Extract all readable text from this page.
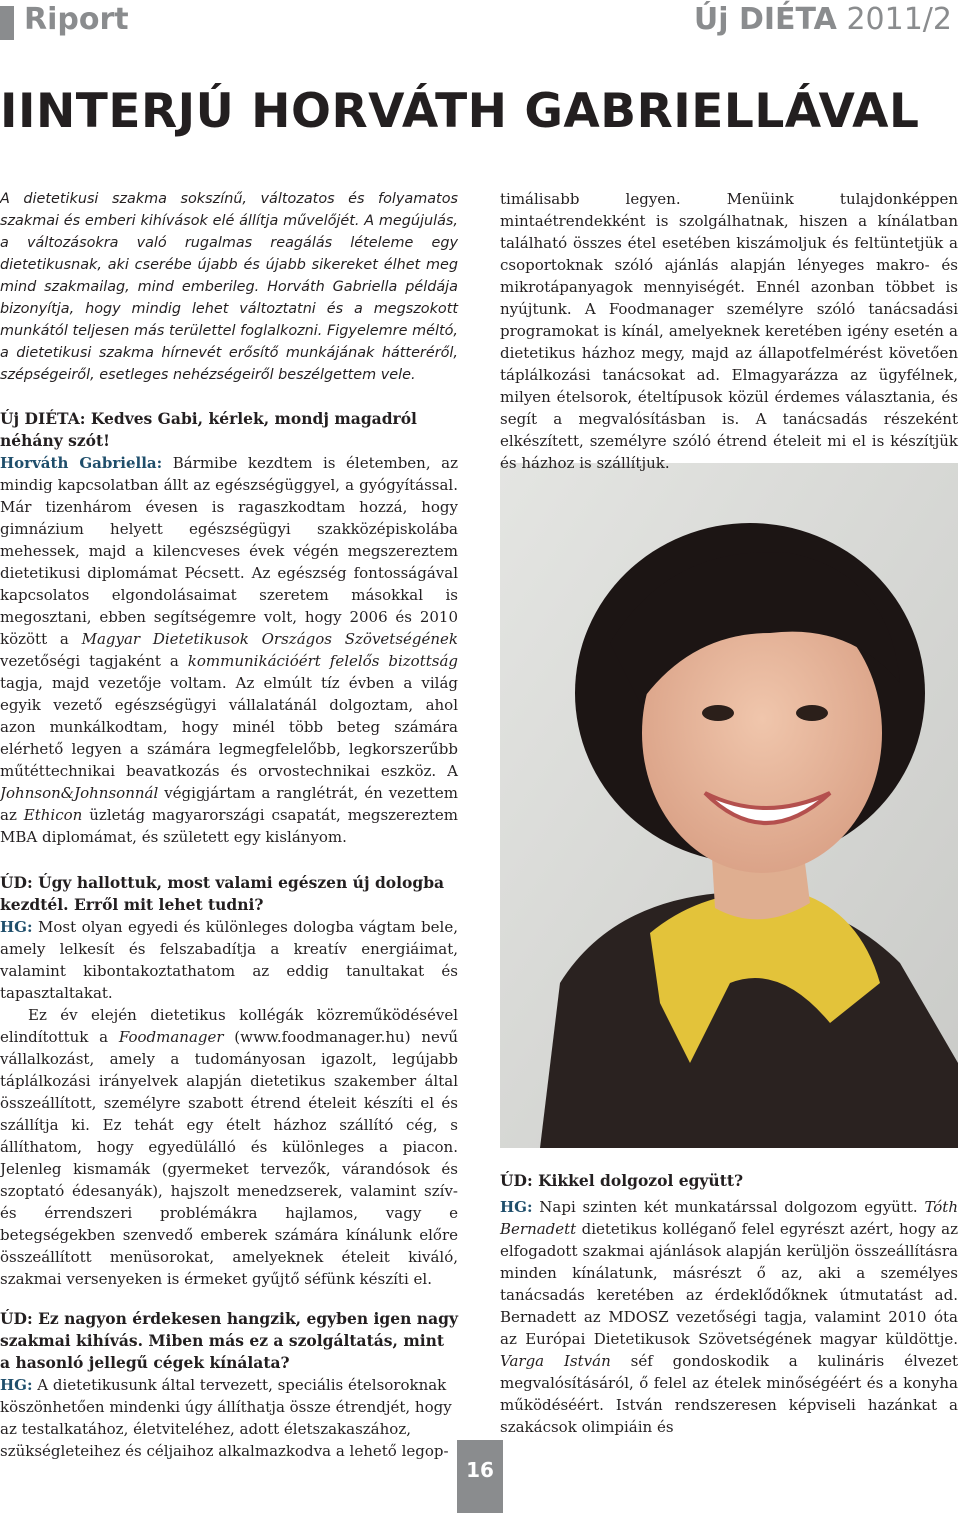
Riport	Új DIÉTA 2011/2
IINTERJÚ HORVÁTH GABRIELLÁVAL

A dietetikusi szakma sokszínű, változatos és folyamatos szakmai és emberi kihívások elé állítja művelőjét. A megújulás, a változásokra való rugalmas reagálás lételeme egy dietetikusnak, aki cserébe újabb és újabb sikereket élhet meg mind szakmailag, mind emberileg. Horváth Gabriella példája bizonyítja, hogy mindig lehet változtatni és a megszokott munkától teljesen más területtel foglalkozni. Figyelemre méltó, a dietetikusi szakma hírnevét erősítő munkájának hátteréről, szépségeiről, esetleges nehézségeiről beszélgettem vele.

Új DIÉTA: Kedves Gabi, kérlek, mondj magadról néhány szót!

Horváth Gabriella: Bármibe kezdtem is életemben, az mindig kapcsolatban állt az egészségüggyel, a gyógyítással. Már tizenhárom évesen is ragaszkodtam hozzá, hogy gimnázium helyett egészségügyi szakközépiskolába mehessek, majd a kilencveses évek végén megszereztem dietetikusi diplomámat Pécsett. Az egészség fontosságával kapcsolatos elgondolásaimat szeretem másokkal is megosztani, ebben segítségemre volt, hogy 2006 és 2010 között a Magyar Dietetikusok Országos Szövetségének vezetőségi tagjaként a kommunikációért felelős bizottság tagja, majd vezetője voltam. Az elmúlt tíz évben a világ egyik vezető egészségügyi vállalatánál dolgoztam, ahol azon munkálkodtam, hogy minél több beteg számára elérhető legyen a számára legmegfelelőbb, legkorszerűbb műtéttechnikai beavatkozás és orvostechnikai eszköz. A Johnson&Johnsonnál végigjártam a ranglétrát, én vezettem az Ethicon üzletág magyarországi csapatát, megszereztem MBA diplomámat, és született egy kislányom.

ÚD: Úgy hallottuk, most valami egészen új dologba kezdtél. Erről mit lehet tudni?

HG: Most olyan egyedi és különleges dologba vágtam bele, amely lelkesít és felszabadítja a kreatív energiáimat, valamint kibontakoztathatom az eddig tanultakat és tapasztaltakat.

Ez év elején dietetikus kollégák közreműködésével elindítottuk a Foodmanager (www.foodmanager.hu) nevű vállalkozást, amely a tudományosan igazolt, legújabb táplálkozási irányelvek alapján dietetikus szakember által összeállított, személyre szabott étrend ételeit készíti el és szállítja ki. Ez tehát egy ételt házhoz szállító cég, s állíthatom, hogy egyedülálló és különleges a piacon. Jelenleg kismamák (gyermeket tervezők, várandósok és szoptató édesanyák), hajszolt menedzserek, valamint szív- és érrendszeri problémákra hajlamos, vagy e betegségekben szenvedő emberek számára kínálunk előre összeállított menüsorokat, amelyeknek ételeit kiváló, szakmai versenyeken is érmeket gyűjtő séfünk készíti el.

ÚD: Ez nagyon érdekesen hangzik, egyben igen nagy szakmai kihívás. Miben más ez a szolgáltatás, mint a hasonló jellegű cégek kínálata?

HG: A dietetikusunk által tervezett, speciális ételsoroknak köszönhetően mindenki úgy állíthatja össze étrendjét, hogy az testalkatához, életviteléhez, adott életszakaszához, szükségleteihez és céljaihoz alkalmazkodva a lehető legop-

timálisabb legyen. Menüink tulajdonképpen mintaétrendekként is szolgálhatnak, hiszen a kínálatban található összes étel esetében kiszámoljuk és feltüntetjük a csoportoknak szóló ajánlás alapján lényeges makro- és mikrotápanyagok mennyiségét. Ennél azonban többet is nyújtunk. A Foodmanager személyre szóló tanácsadási programokat is kínál, amelyeknek keretében igény esetén a dietetikus házhoz megy, majd az állapotfelmérést követően táplálkozási tanácsokat ad. Elmagyarázza az ügyfélnek, milyen ételsorok, ételtípusok közül érdemes választania, és segít a megvalósításban is. A tanácsadás részeként elkészített, személyre szóló étrend ételeit mi el is készítjük és házhoz is szállítjuk.

ÚD: Kikkel dolgozol együtt?

HG: Napi szinten két munkatárssal dolgozom együtt. Tóth Bernadett dietetikus kolléganő felel egyrészt azért, hogy az elfogadott szakmai ajánlások alapján kerüljön összeállításra minden kínálatunk, másrészt ő az, aki a személyes tanácsadás keretében az érdeklődőknek útmutatást ad. Bernadett az MDOSZ vezetőségi tagja, valamint 2010 óta az Európai Dietetikusok Szövetségének magyar küldöttje. Varga István séf gondoskodik a kulináris élvezet megvalósításáról, ő felel az ételek minőségéért és a konyha működéséért. István rendszeresen képviseli hazánkat a szakácsok olimpiáin és

16
